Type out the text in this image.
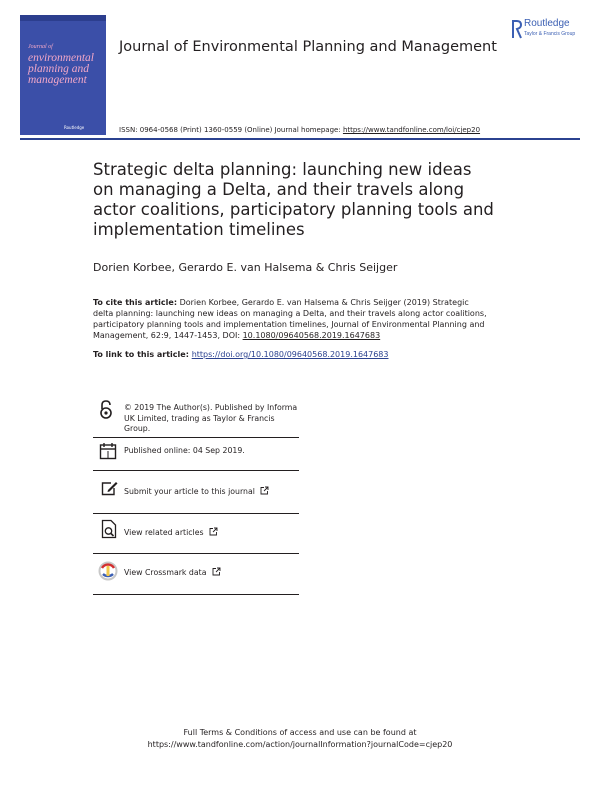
Journal of
environmental
planning and
management
Routledge
Routledge
Taylor & Francis Group
Journal of Environmental Planning and Management
ISSN: 0964-0568 (Print) 1360-0559 (Online) Journal homepage: https://www.tandfonline.com/loi/cjep20
Strategic delta planning: launching new ideas
on managing a Delta, and their travels along
actor coalitions, participatory planning tools and
implementation timelines
Dorien Korbee, Gerardo E. van Halsema & Chris Seijger
To cite this article: Dorien Korbee, Gerardo E. van Halsema & Chris Seijger (2019) Strategic
delta planning: launching new ideas on managing a Delta, and their travels along actor coalitions,
participatory planning tools and implementation timelines, Journal of Environmental Planning and
Management, 62:9, 1447-1453, DOI: 10.1080/09640568.2019.1647683
To link to this article: https://doi.org/10.1080/09640568.2019.1647683
© 2019 The Author(s). Published by Informa
UK Limited, trading as Taylor & Francis
Group.
Published online: 04 Sep 2019.
Submit your article to this journal
View related articles
View Crossmark data
Full Terms & Conditions of access and use can be found at
https://www.tandfonline.com/action/journalInformation?journalCode=cjep20
